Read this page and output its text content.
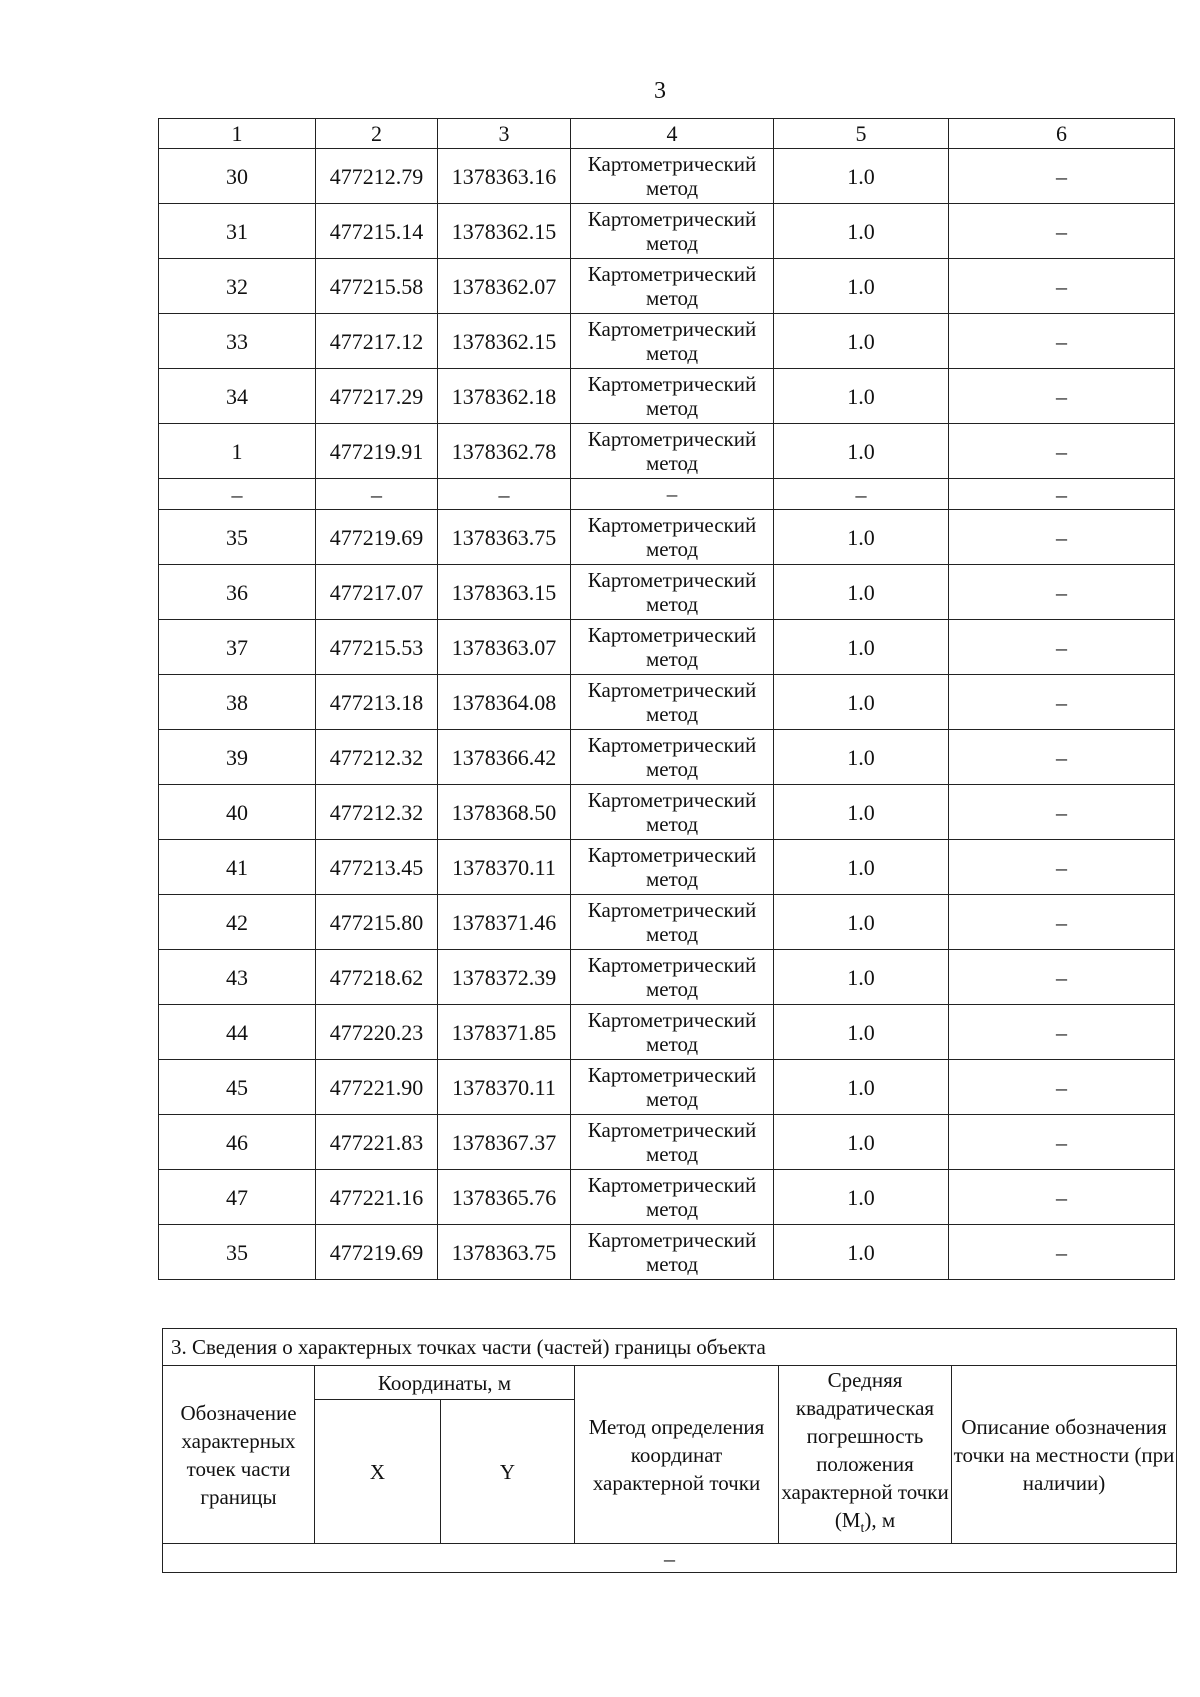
3
1	2	3	4	5	6
30	477212.79	1378363.16	Картометрический метод	1.0	–
31	477215.14	1378362.15	Картометрический метод	1.0	–
32	477215.58	1378362.07	Картометрический метод	1.0	–
33	477217.12	1378362.15	Картометрический метод	1.0	–
34	477217.29	1378362.18	Картометрический метод	1.0	–
1	477219.91	1378362.78	Картометрический метод	1.0	–
–	–	–	–	–	–
35	477219.69	1378363.75	Картометрический метод	1.0	–
36	477217.07	1378363.15	Картометрический метод	1.0	–
37	477215.53	1378363.07	Картометрический метод	1.0	–
38	477213.18	1378364.08	Картометрический метод	1.0	–
39	477212.32	1378366.42	Картометрический метод	1.0	–
40	477212.32	1378368.50	Картометрический метод	1.0	–
41	477213.45	1378370.11	Картометрический метод	1.0	–
42	477215.80	1378371.46	Картометрический метод	1.0	–
43	477218.62	1378372.39	Картометрический метод	1.0	–
44	477220.23	1378371.85	Картометрический метод	1.0	–
45	477221.90	1378370.11	Картометрический метод	1.0	–
46	477221.83	1378367.37	Картометрический метод	1.0	–
47	477221.16	1378365.76	Картометрический метод	1.0	–
35	477219.69	1378363.75	Картометрический метод	1.0	–
3. Сведения о характерных точках части (частей) границы объекта					
Обозначение характерных точек части границы	Координаты, м		Метод определения координат характерной точки	Средняя квадратическая погрешность положения характерной точки $(M_t)$, м	Описание обозначения точки на местности (при наличии)
	X	Y			
–					
